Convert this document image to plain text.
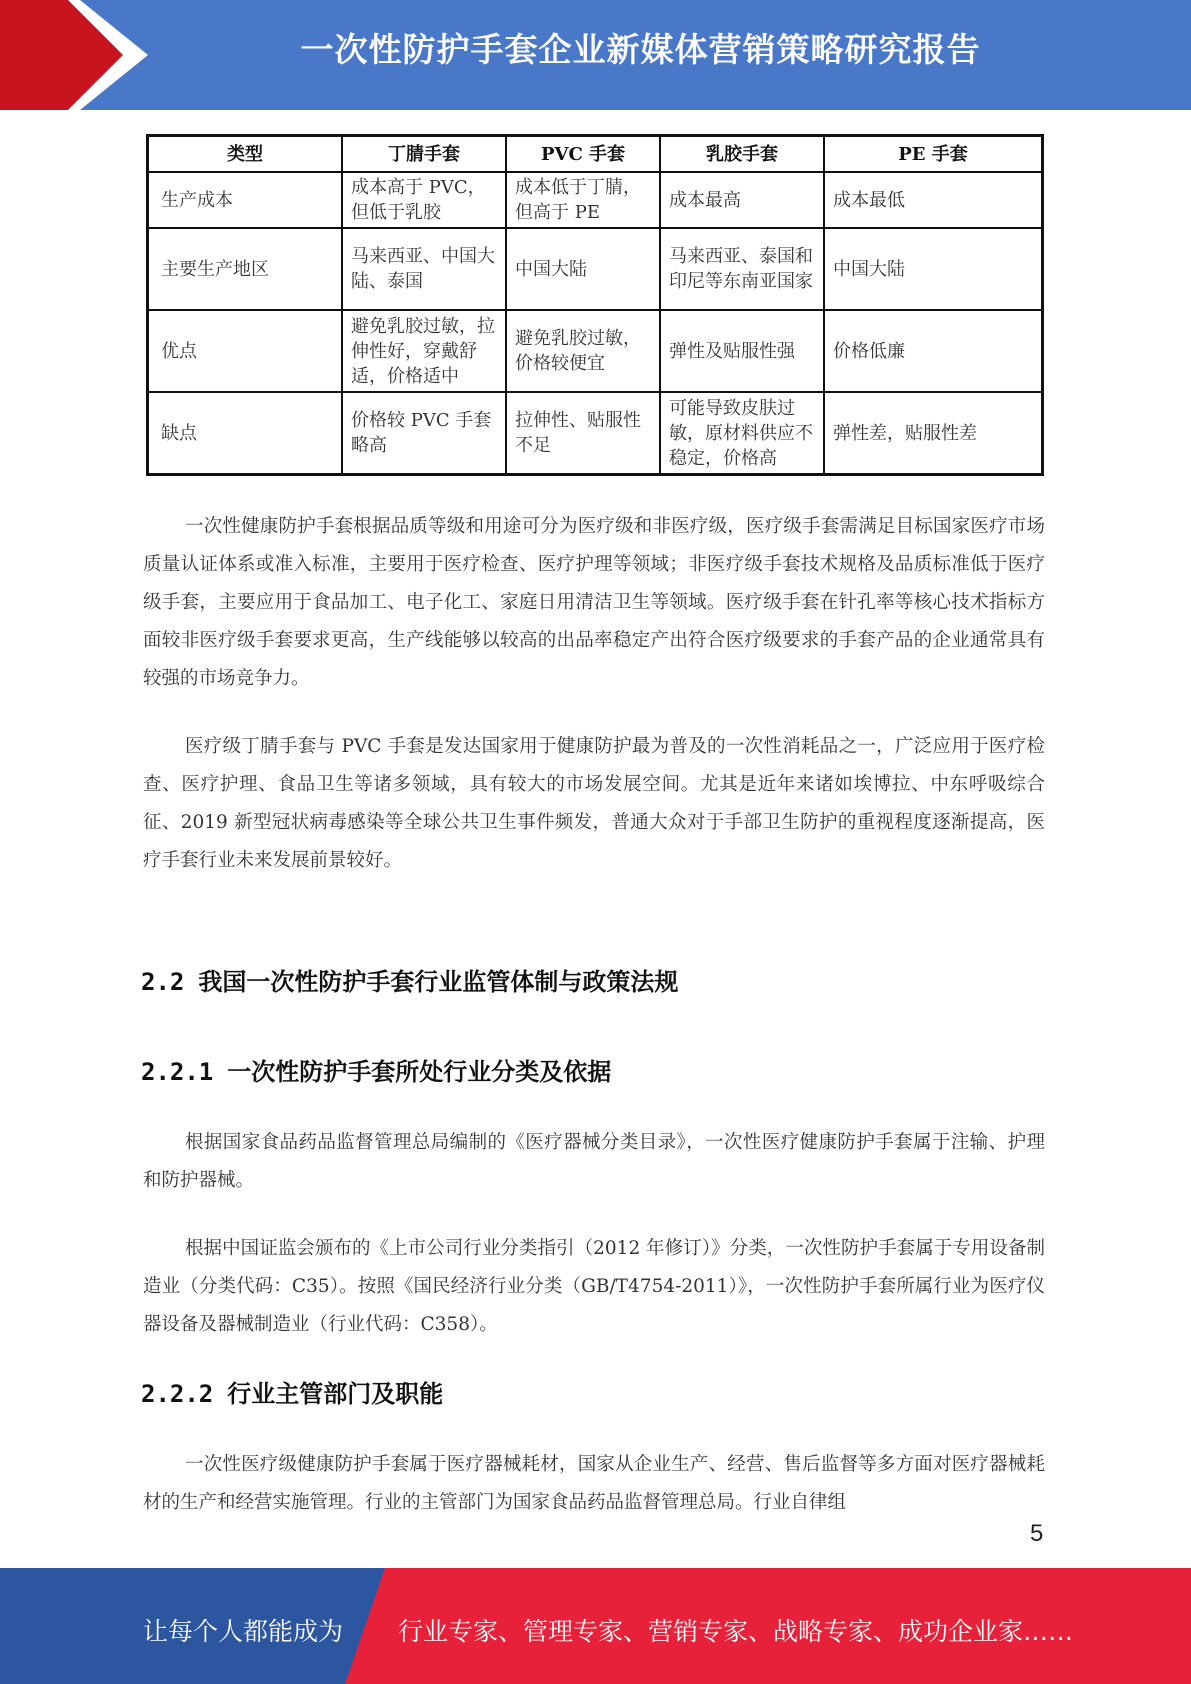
一次性防护手套企业新媒体营销策略研究报告
类型	丁腈手套	PVC 手套	乳胶手套	PE 手套
生产成本	成本高于 PVC，但低于乳胶	成本低于丁腈，但高于 PE	成本最高	成本最低
主要生产地区	马来西亚、中国大陆、泰国	中国大陆	马来西亚、泰国和印尼等东南亚国家	中国大陆
优点	避免乳胶过敏，拉伸性好，穿戴舒适，价格适中	避免乳胶过敏，价格较便宜	弹性及贴服性强	价格低廉
缺点	价格较 PVC 手套略高	拉伸性、贴服性不足	可能导致皮肤过敏，原材料供应不稳定，价格高	弹性差，贴服性差
一次性健康防护手套根据品质等级和用途可分为医疗级和非医疗级，医疗级手套需满足目标国家医疗市场质量认证体系或准入标准，主要用于医疗检查、医疗护理等领域；非医疗级手套技术规格及品质标准低于医疗级手套，主要应用于食品加工、电子化工、家庭日用清洁卫生等领域。医疗级手套在针孔率等核心技术指标方面较非医疗级手套要求更高，生产线能够以较高的出品率稳定产出符合医疗级要求的手套产品的企业通常具有较强的市场竞争力。
医疗级丁腈手套与 PVC 手套是发达国家用于健康防护最为普及的一次性消耗品之一，广泛应用于医疗检查、医疗护理、食品卫生等诸多领域，具有较大的市场发展空间。尤其是近年来诸如埃博拉、中东呼吸综合征、2019 新型冠状病毒感染等全球公共卫生事件频发，普通大众对于手部卫生防护的重视程度逐渐提高，医疗手套行业未来发展前景较好。
2.2 我国一次性防护手套行业监管体制与政策法规
2.2.1 一次性防护手套所处行业分类及依据
根据国家食品药品监督管理总局编制的《医疗器械分类目录》，一次性医疗健康防护手套属于注输、护理和防护器械。
根据中国证监会颁布的《上市公司行业分类指引（2012 年修订）》分类，一次性防护手套属于专用设备制造业（分类代码：C35）。按照《国民经济行业分类（GB/T4754-2011）》，一次性防护手套所属行业为医疗仪器设备及器械制造业（行业代码：C358）。
2.2.2 行业主管部门及职能
一次性医疗级健康防护手套属于医疗器械耗材，国家从企业生产、经营、售后监督等多方面对医疗器械耗材的生产和经营实施管理。行业的主管部门为国家食品药品监督管理总局。行业自律组
5
让每个人都能成为 行业专家、管理专家、营销专家、战略专家、成功企业家……
